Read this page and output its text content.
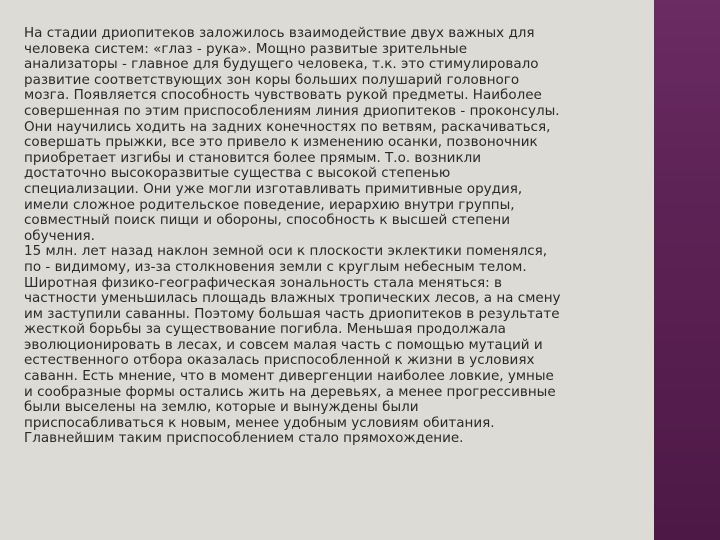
На стадии дриопитеков заложилось взаимодействие двух важных для
человека систем: «глаз - рука». Мощно развитые зрительные
анализаторы - главное для будущего человека, т.к. это стимулировало
развитие соответствующих зон коры больших полушарий головного
мозга. Появляется способность чувствовать рукой предметы. Наиболее
совершенная по этим приспособлениям линия дриопитеков - проконсулы.
Они научились ходить на задних конечностях по ветвям, раскачиваться,
совершать прыжки, все это привело к изменению осанки, позвоночник
приобретает изгибы и становится более прямым. Т.о. возникли
достаточно высокоразвитые существа с высокой степенью
специализации. Они уже могли изготавливать примитивные орудия,
имели сложное родительское поведение, иерархию внутри группы,
совместный поиск пищи и обороны, способность к высшей степени
обучения.

15 млн. лет назад наклон земной оси к плоскости эклектики поменялся,
по - видимому, из-за столкновения земли с круглым небесным телом.
Широтная физико-географическая зональность стала меняться: в
частности уменьшилась площадь влажных тропических лесов, а на смену
им заступили саванны. Поэтому большая часть дриопитеков в результате
жесткой борьбы за существование погибла. Меньшая продолжала
эволюционировать в лесах, и совсем малая часть с помощью мутаций и
естественного отбора оказалась приспособленной к жизни в условиях
саванн. Есть мнение, что в момент дивергенции наиболее ловкие, умные
и сообразные формы остались жить на деревьях, а менее прогрессивные
были выселены на землю, которые и вынуждены были
приспосабливаться к новым, менее удобным условиям обитания.
Главнейшим таким приспособлением стало прямохождение.
